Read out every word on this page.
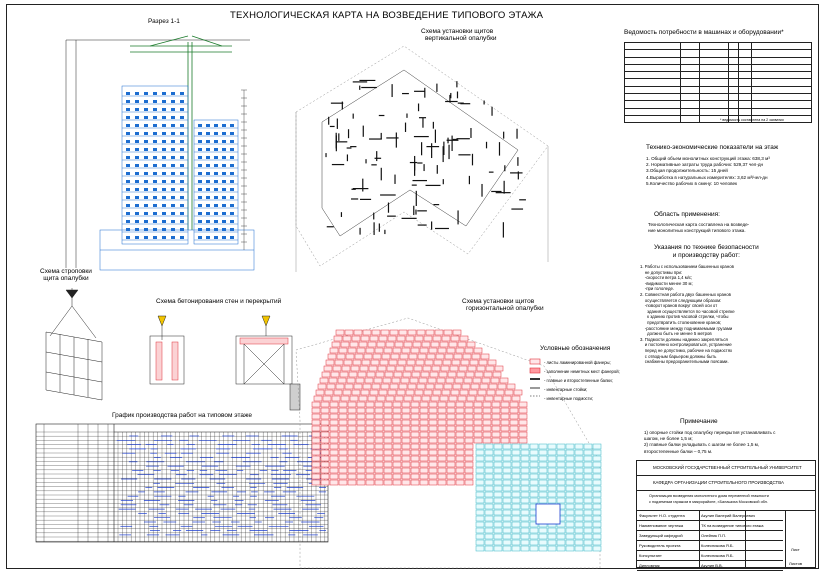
ТЕХНОЛОГИЧЕСКАЯ КАРТА НА ВОЗВЕДЕНИЕ ТИПОВОГО ЭТАЖА
Разрез 1-1
Схема установки щитов
вертикальной опалубки
Схема строповки
щита опалубки
Схема бетонирования стен и перекрытий
График производства работ на типовом этаже
Схема установки щитов
горизонтальной опалубки
Ведомость потребности в машинах и оборудовании*

* ведомость составлена на 2 захватки
Технико-экономические показатели на этаж
1. Общий объем монолитных конструкций этажа: 638,3 м³
2. Нормативные затраты труда рабочих: 529,37 чел-дн
3.Общая продолжительность: 15 дней
4.Выработка в натуральных измерителях: 3,62 м³/чел-дн
5.Количество рабочих в смену: 10 человек
Область применения:
Технологическая карта составлена на возведе-
ние монолитных конструкций типового этажа.
Указания по технике безопасности
и производству работ:
1. Работы с использованием башенных кранов
не допустимы при:
-скорости ветра 1,4 м/с;
-видимости менее 30 м;
-при гололеде.
2. Совместная работа двух башенных кранов
осуществляется следующим образом:
-поворот кранов вокруг своей оси от
здания осуществляется по часовой стрелке
к зданию против часовой стрелки, чтобы
предотвратить столкновение кранов;
-расстояние между поднимаемыми грузами
должно быть не менее 5 метров
3. Подмости должны надежно закрепляться
и постоянно контролироваться, устранение
перед не допустимо, рабочие на подмостях
с отводным барьером должны быть
снабжены предохранительными поясами.
Условные обозначения
- листы ламинированной фанеры;
- заполнение неметных мест фанерой;
- главные и второстепенные балки;
- инвентарные стойки;
- инвентарные подмости;
Примечание
1) опорные стойки под опалубку перекрытия устанавливать с
шагом, не более 1,5 м;
2) главные балки укладывать с шагом не более 1,5 м,
второстепенные балки – 0,75 м.
МОСКОВСКИЙ ГОСУДАРСТВЕННЫЙ СТРОИТЕЛЬНЫЙ УНИВЕРСИТЕТ
КАФЕДРА ОРГАНИЗАЦИИ СТРОИТЕЛЬНОГО ПРОИЗВОДСТВА
Организация возведения монолитного дома переменной этажности
с подземным гаражом в микрорайоне, г.Балашиха Московской обл.
Факультет Н.О. студента	Акулин Валерий Валерьевич
Наименование чертежа	ТК на возведение типового этажа
Заведующий кафедрой	Олейник П.П.
Руководитель проекта	Колесникова Я.Б.
Консультант	Колесникова Я.Б.
Дипломник	Акулин В.В.
Лист
Листов
